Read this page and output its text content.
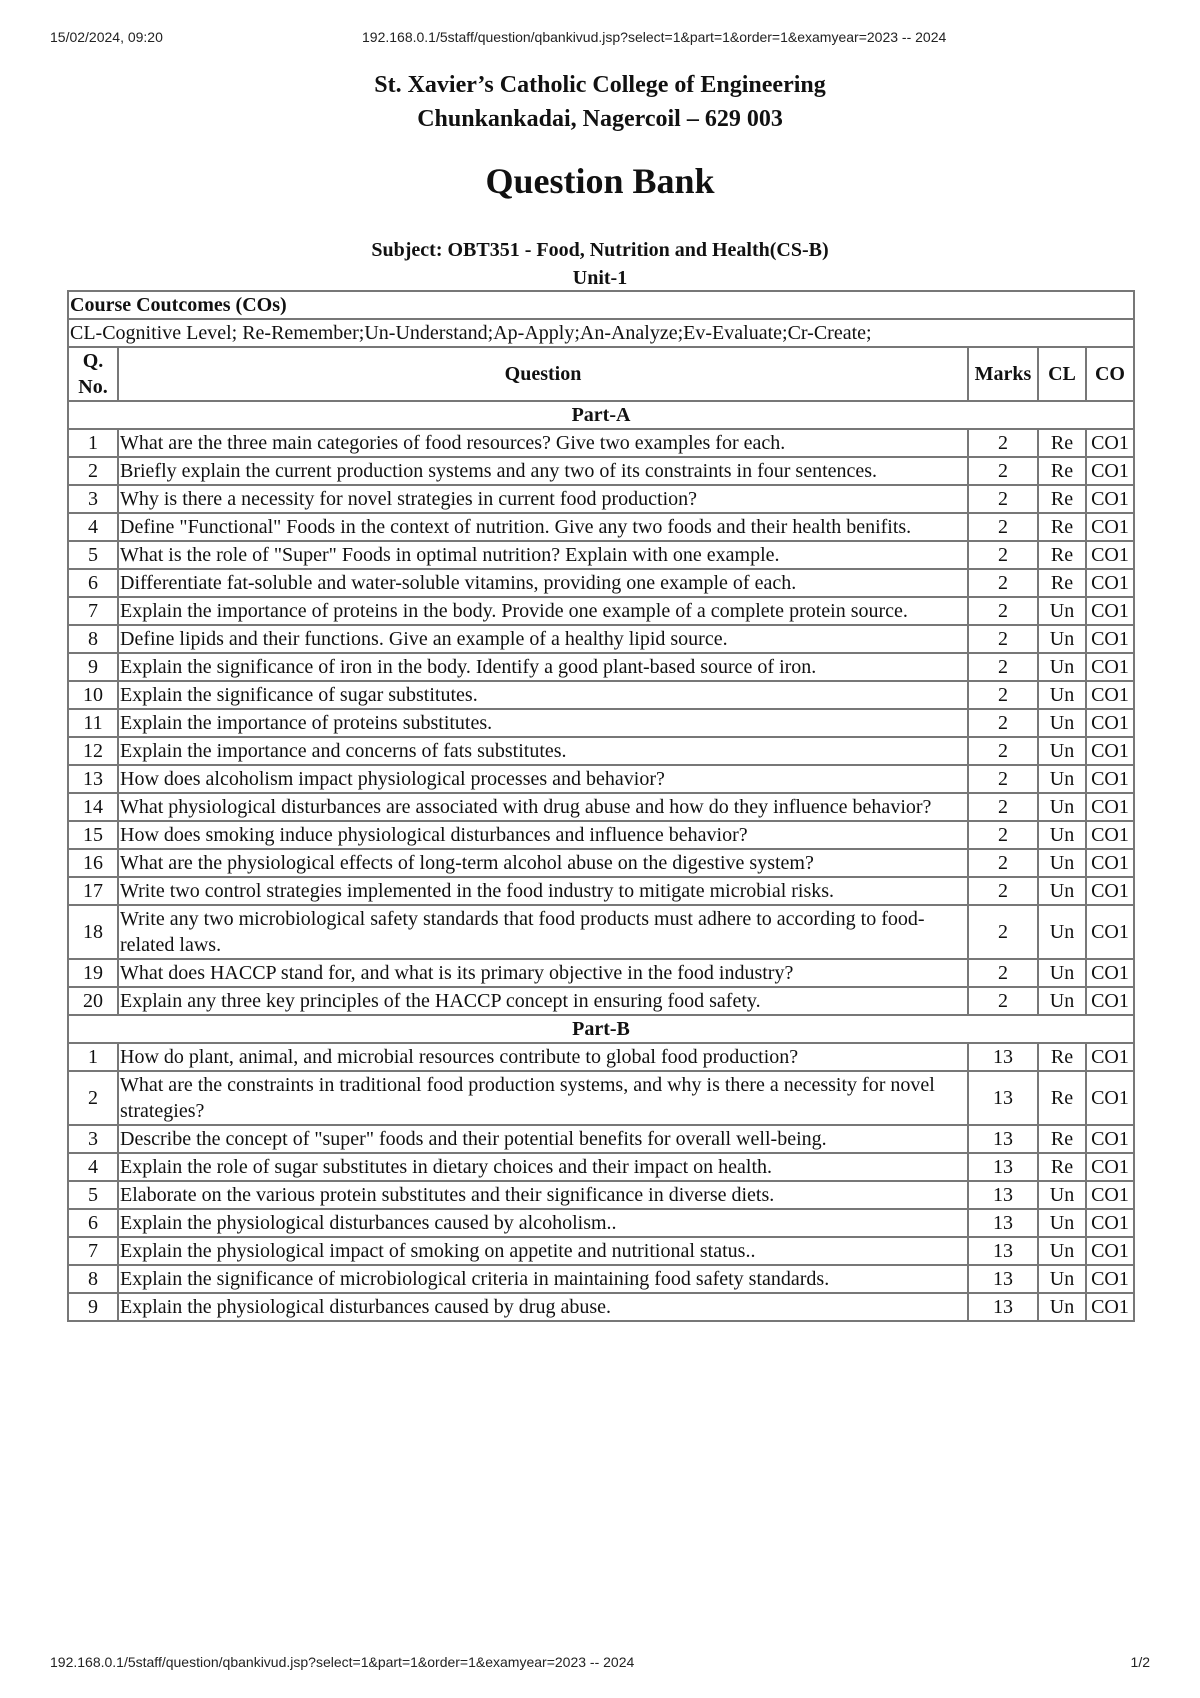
15/02/2024, 09:20	192.168.0.1/5staff/question/qbankivud.jsp?select=1&part=1&order=1&examyear=2023 -- 2024
St. Xavier’s Catholic College of Engineering
Chunkankadai, Nagercoil – 629 003
Question Bank
Subject: OBT351 - Food, Nutrition and Health(CS-B)
Unit-1
Course Coutcomes (COs)				
CL-Cognitive Level; Re-Remember;Un-Understand;Ap-Apply;An-Analyze;Ev-Evaluate;Cr-Create;				
Q. No.	Question	Marks	CL	CO
Part-A				
1	What are the three main categories of food resources? Give two examples for each.	2	Re	CO1
2	Briefly explain the current production systems and any two of its constraints in four sentences.	2	Re	CO1
3	Why is there a necessity for novel strategies in current food production?	2	Re	CO1
4	Define "Functional" Foods in the context of nutrition. Give any two foods and their health benifits.	2	Re	CO1
5	What is the role of "Super" Foods in optimal nutrition? Explain with one example.	2	Re	CO1
6	Differentiate fat-soluble and water-soluble vitamins, providing one example of each.	2	Re	CO1
7	Explain the importance of proteins in the body. Provide one example of a complete protein source.	2	Un	CO1
8	Define lipids and their functions. Give an example of a healthy lipid source.	2	Un	CO1
9	Explain the significance of iron in the body. Identify a good plant-based source of iron.	2	Un	CO1
10	Explain the significance of sugar substitutes.	2	Un	CO1
11	Explain the importance of proteins substitutes.	2	Un	CO1
12	Explain the importance and concerns of fats substitutes.	2	Un	CO1
13	How does alcoholism impact physiological processes and behavior?	2	Un	CO1
14	What physiological disturbances are associated with drug abuse and how do they influence behavior?	2	Un	CO1
15	How does smoking induce physiological disturbances and influence behavior?	2	Un	CO1
16	What are the physiological effects of long-term alcohol abuse on the digestive system?	2	Un	CO1
17	Write two control strategies implemented in the food industry to mitigate microbial risks.	2	Un	CO1
18	Write any two microbiological safety standards that food products must adhere to according to food-related laws.	2	Un	CO1
19	What does HACCP stand for, and what is its primary objective in the food industry?	2	Un	CO1
20	Explain any three key principles of the HACCP concept in ensuring food safety.	2	Un	CO1
Part-B				
1	How do plant, animal, and microbial resources contribute to global food production?	13	Re	CO1
2	What are the constraints in traditional food production systems, and why is there a necessity for novel strategies?	13	Re	CO1
3	Describe the concept of "super" foods and their potential benefits for overall well-being.	13	Re	CO1
4	Explain the role of sugar substitutes in dietary choices and their impact on health.	13	Re	CO1
5	Elaborate on the various protein substitutes and their significance in diverse diets.	13	Un	CO1
6	Explain the physiological disturbances caused by alcoholism..	13	Un	CO1
7	Explain the physiological impact of smoking on appetite and nutritional status..	13	Un	CO1
8	Explain the significance of microbiological criteria in maintaining food safety standards.	13	Un	CO1
9	Explain the physiological disturbances caused by drug abuse.	13	Un	CO1
192.168.0.1/5staff/question/qbankivud.jsp?select=1&part=1&order=1&examyear=2023 -- 2024	1/2
